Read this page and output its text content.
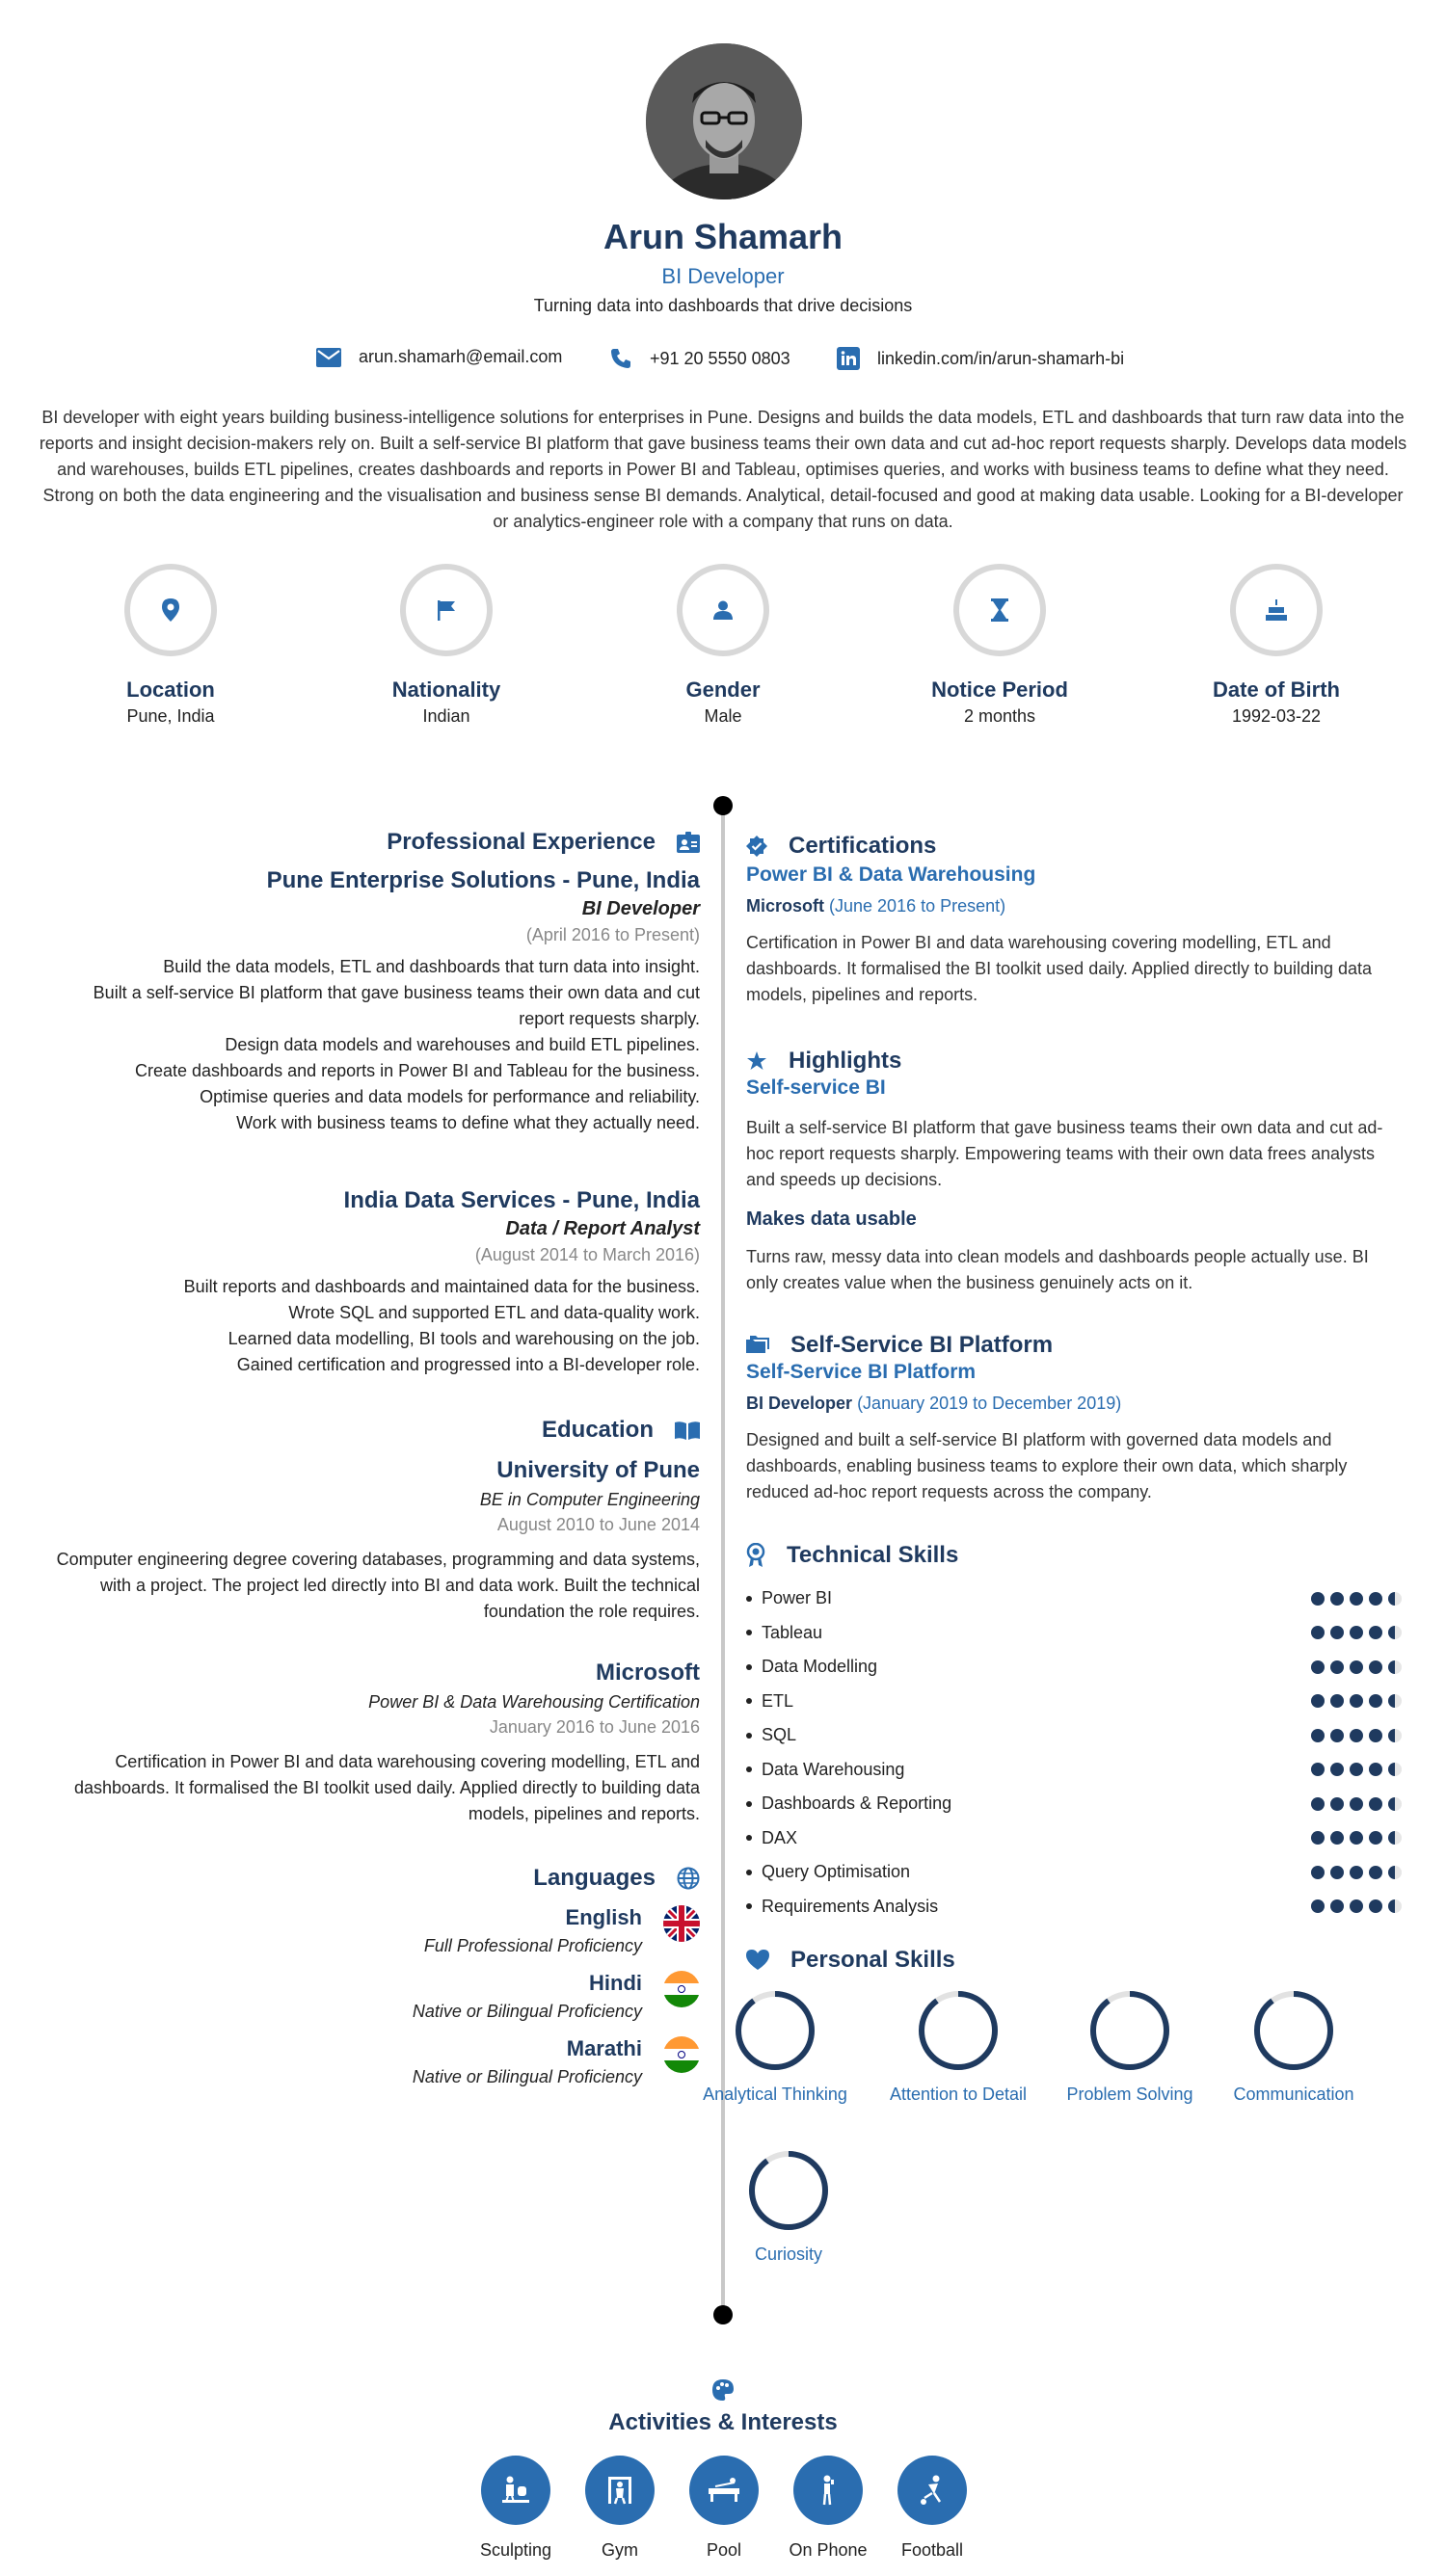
Arun Shamarh
BI Developer
Turning data into dashboards that drive decisions
arun.shamarh@email.com	+91 20 5550 0803	linkedin.com/in/arun-shamarh-bi
BI developer with eight years building business-intelligence solutions for enterprises in Pune. Designs and builds the data models, ETL and dashboards that turn raw data into the reports and insight decision-makers rely on. Built a self-service BI platform that gave business teams their own data and cut ad-hoc report requests sharply. Develops data models and warehouses, builds ETL pipelines, creates dashboards and reports in Power BI and Tableau, optimises queries, and works with business teams to define what they need. Strong on both the data engineering and the visualisation and business sense BI demands. Analytical, detail-focused and good at making data usable. Looking for a BI-developer or analytics-engineer role with a company that runs on data.
Location
Pune, India
Nationality
Indian
Gender
Male
Notice Period
2 months
Date of Birth
1992-03-22
Professional Experience
Pune Enterprise Solutions - Pune, India
BI Developer
(April 2016 to Present)
Build the data models, ETL and dashboards that turn data into insight.
Built a self-service BI platform that gave business teams their own data and cut
report requests sharply.
Design data models and warehouses and build ETL pipelines.
Create dashboards and reports in Power BI and Tableau for the business.
Optimise queries and data models for performance and reliability.
Work with business teams to define what they actually need.
India Data Services - Pune, India
Data / Report Analyst
(August 2014 to March 2016)
Built reports and dashboards and maintained data for the business.
Wrote SQL and supported ETL and data-quality work.
Learned data modelling, BI tools and warehousing on the job.
Gained certification and progressed into a BI-developer role.
Education
University of Pune
BE in Computer Engineering
August 2010 to June 2014
Computer engineering degree covering databases, programming and data systems, with a project. The project led directly into BI and data work. Built the technical foundation the role requires.
Microsoft
Power BI & Data Warehousing Certification
January 2016 to June 2016
Certification in Power BI and data warehousing covering modelling, ETL and dashboards. It formalised the BI toolkit used daily. Applied directly to building data models, pipelines and reports.
Languages
English
Full Professional Proficiency
Hindi
Native or Bilingual Proficiency
Marathi
Native or Bilingual Proficiency
Certifications
Power BI & Data Warehousing
Microsoft (June 2016 to Present)
Certification in Power BI and data warehousing covering modelling, ETL and dashboards. It formalised the BI toolkit used daily. Applied directly to building data models, pipelines and reports.
Highlights
Self-service BI
Built a self-service BI platform that gave business teams their own data and cut ad-hoc report requests sharply. Empowering teams with their own data frees analysts and speeds up decisions.
Makes data usable
Turns raw, messy data into clean models and dashboards people actually use. BI only creates value when the business genuinely acts on it.
Self-Service BI Platform
Self-Service BI Platform
BI Developer (January 2019 to December 2019)
Designed and built a self-service BI platform with governed data models and dashboards, enabling business teams to explore their own data, which sharply reduced ad-hoc report requests across the company.
Technical Skills
Power BI
Tableau
Data Modelling
ETL
SQL
Data Warehousing
Dashboards & Reporting
DAX
Query Optimisation
Requirements Analysis
Personal Skills
Analytical Thinking	Attention to Detail	Problem Solving	Communication
Curiosity
Activities & Interests
Sculpting	Gym	Pool	On Phone	Football
